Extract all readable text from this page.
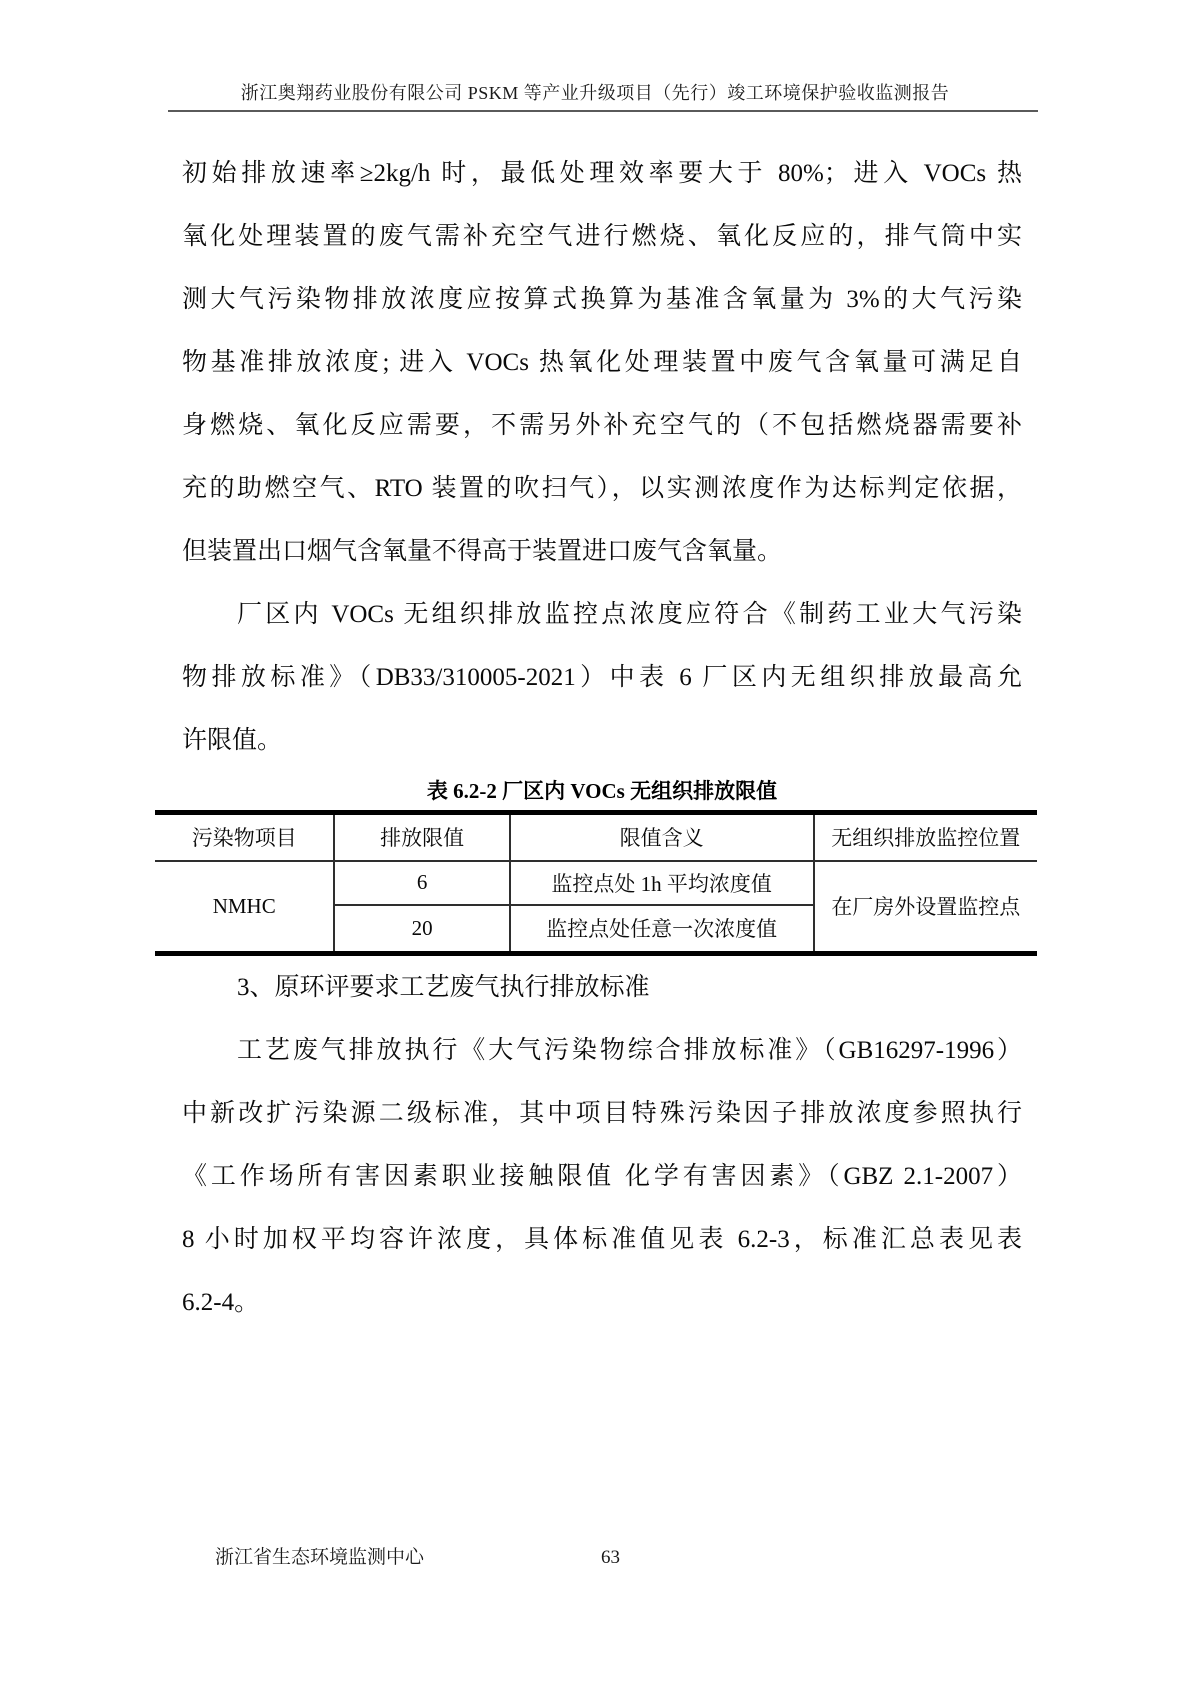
浙江奥翔药业股份有限公司 PSKM 等产业升级项目（先行）竣工环境保护验收监测报告
初始排放速率≥2kg/h 时，最低处理效率要大于 80%；进入 VOCs 热
氧化处理装置的废气需补充空气进行燃烧、氧化反应的，排气筒中实
测大气污染物排放浓度应按算式换算为基准含氧量为 3%的大气污染
物基准排放浓度; 进入 VOCs 热氧化处理装置中废气含氧量可满足自
身燃烧、氧化反应需要，不需另外补充空气的（不包括燃烧器需要补
充的助燃空气、RTO 装置的吹扫气），以实测浓度作为达标判定依据，
但装置出口烟气含氧量不得高于装置进口废气含氧量。
厂区内 VOCs 无组织排放监控点浓度应符合《制药工业大气污染
物排放标准》（DB33/310005-2021）中表 6 厂区内无组织排放最高允
许限值。
表 6.2-2 厂区内 VOCs 无组织排放限值
污染物项目	排放限值	限值含义	无组织排放监控位置
NMHC	6	监控点处 1h 平均浓度值	在厂房外设置监控点
	20	监控点处任意一次浓度值	
3、原环评要求工艺废气执行排放标准
工艺废气排放执行《大气污染物综合排放标准》（GB16297-1996）
中新改扩污染源二级标准，其中项目特殊污染因子排放浓度参照执行
《工作场所有害因素职业接触限值 化学有害因素》（GBZ 2.1-2007）
8 小时加权平均容许浓度，具体标准值见表 6.2-3，标准汇总表见表
6.2-4。
浙江省生态环境监测中心	63
